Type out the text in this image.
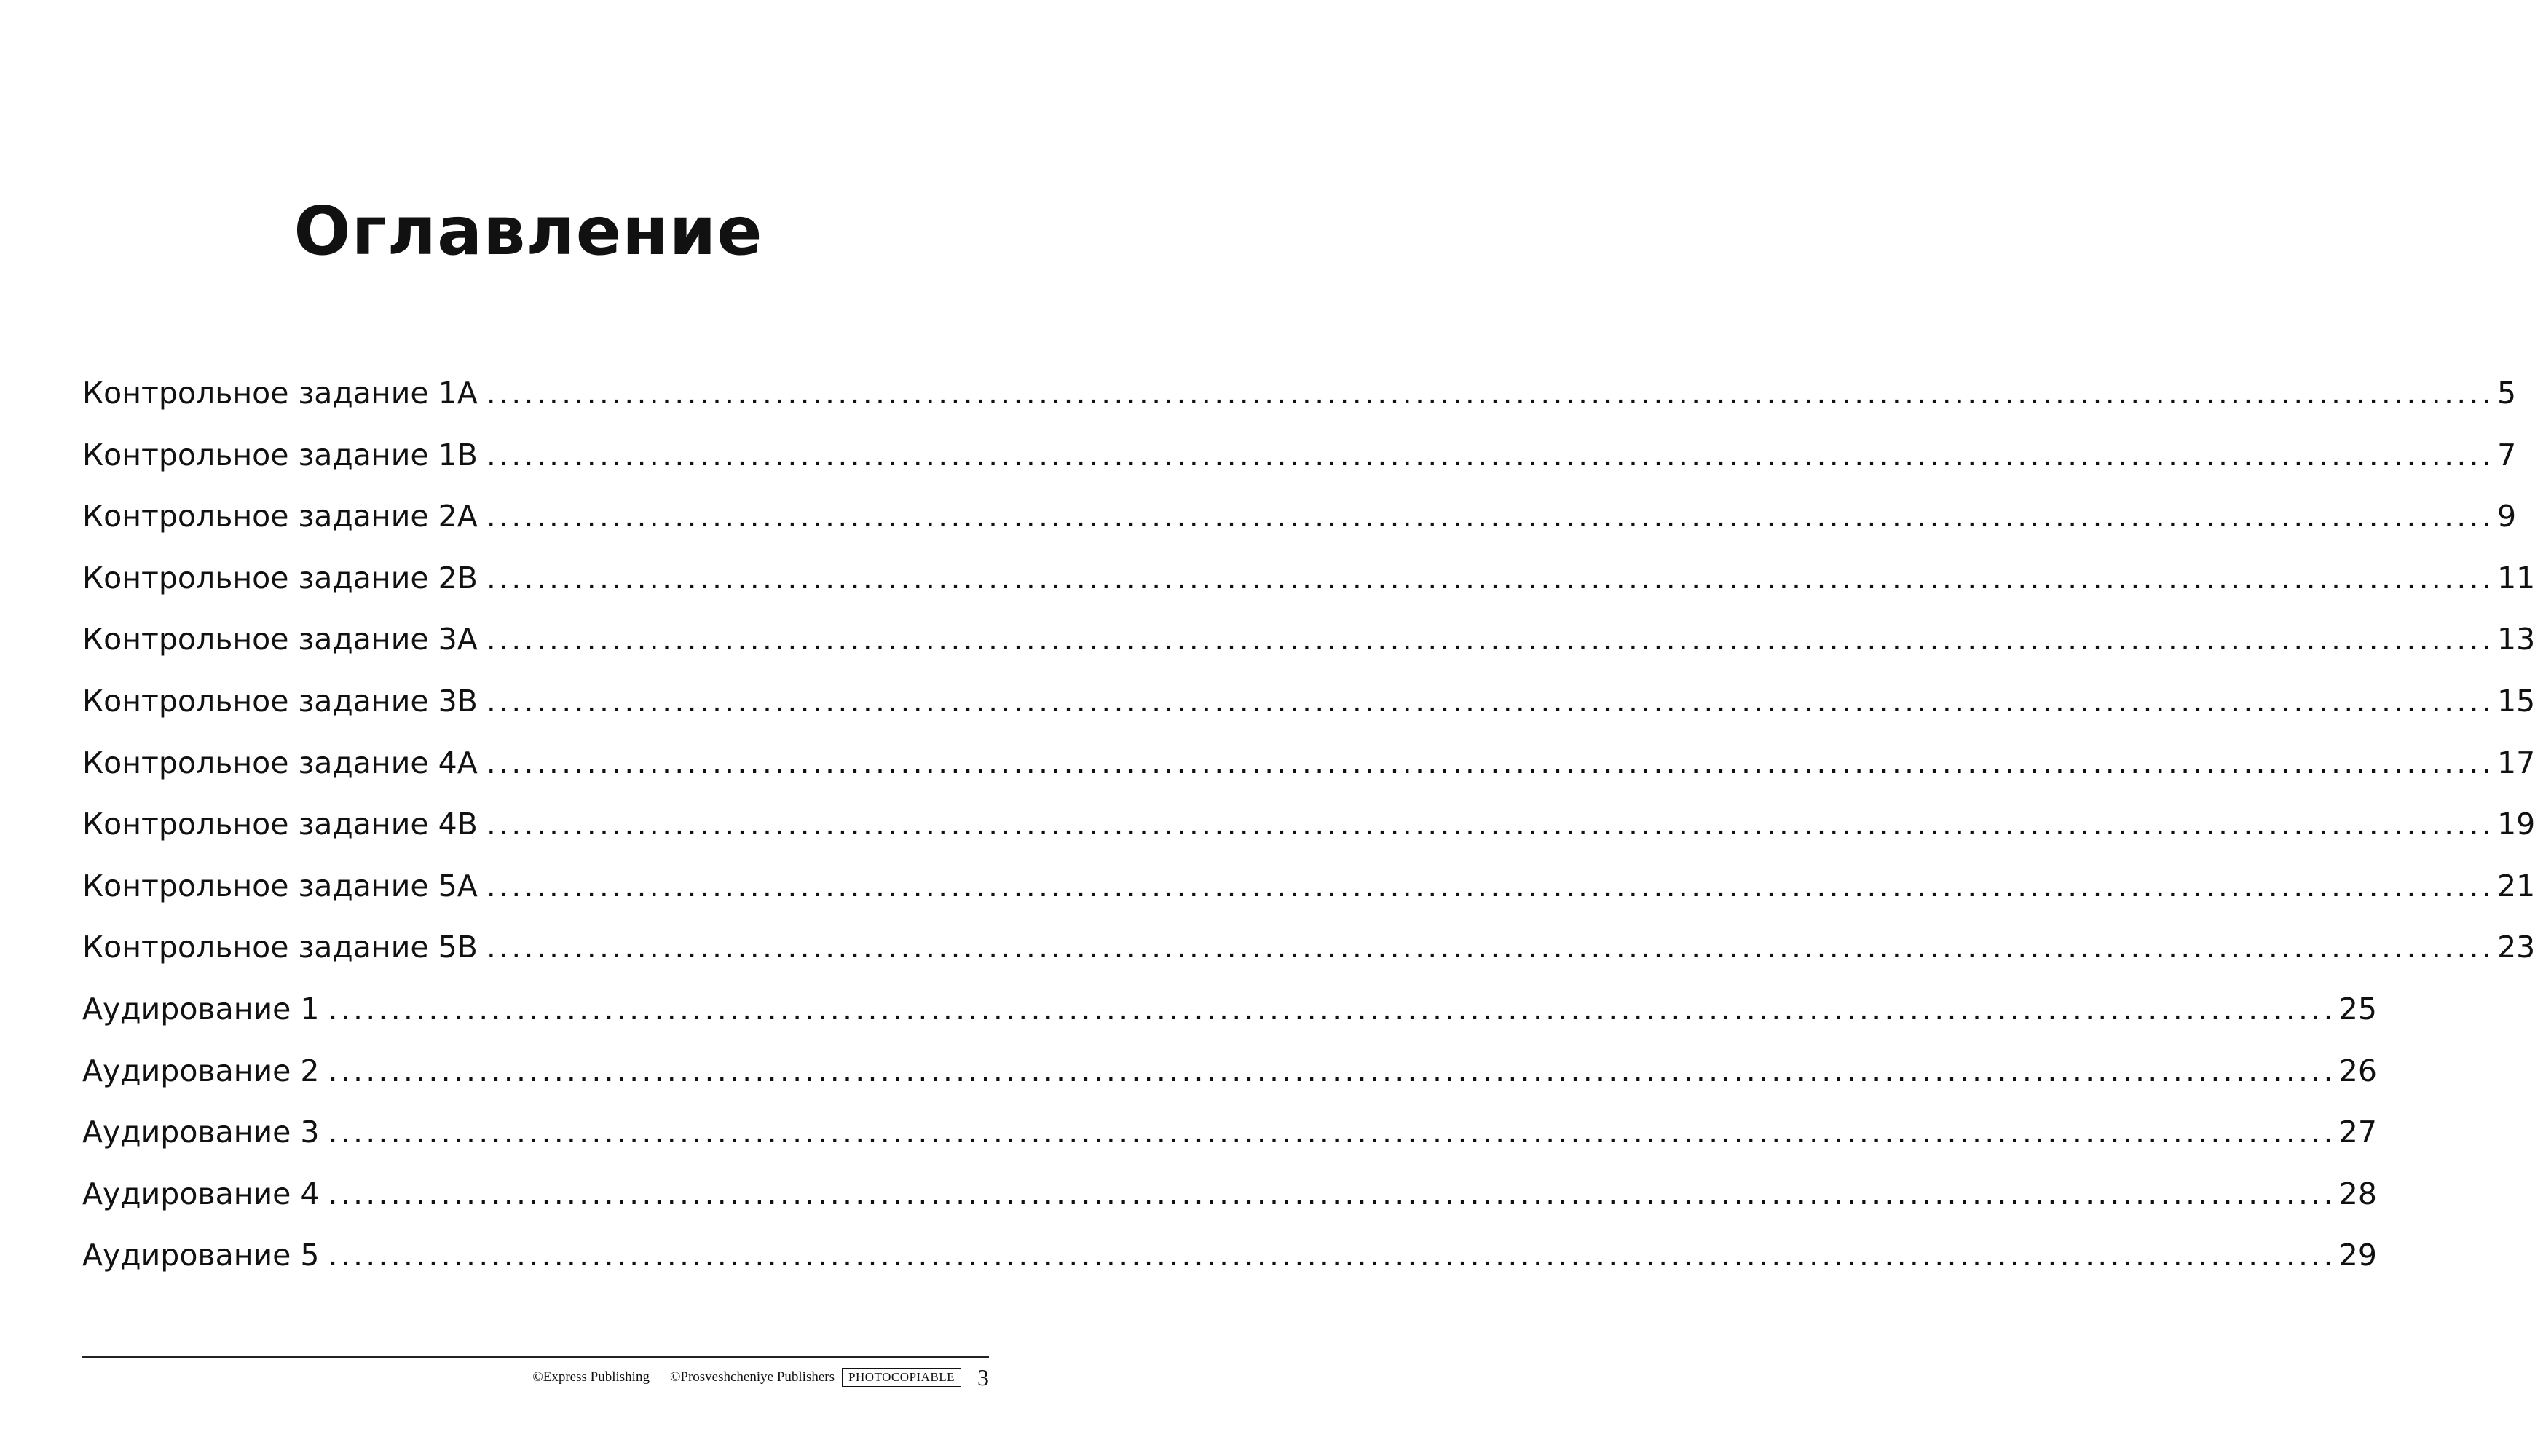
Оглавление
Контрольное задание 1A ................................................................................................................................................................ 5
Контрольное задание 1B ................................................................................................................................................................ 7
Контрольное задание 2A ................................................................................................................................................................ 9
Контрольное задание 2B ................................................................................................................................................................ 11
Контрольное задание 3A ................................................................................................................................................................ 13
Контрольное задание 3B ................................................................................................................................................................ 15
Контрольное задание 4A ................................................................................................................................................................ 17
Контрольное задание 4B ................................................................................................................................................................ 19
Контрольное задание 5A ................................................................................................................................................................ 21
Контрольное задание 5B ................................................................................................................................................................ 23
Аудирование 1 ................................................................................................................................................................ 25
Аудирование 2 ................................................................................................................................................................ 26
Аудирование 3 ................................................................................................................................................................ 27
Аудирование 4 ................................................................................................................................................................ 28
Аудирование 5 ................................................................................................................................................................ 29
©Express Publishing ©Prosveshcheniye Publishers	PHOTOCOPIABLE 3
